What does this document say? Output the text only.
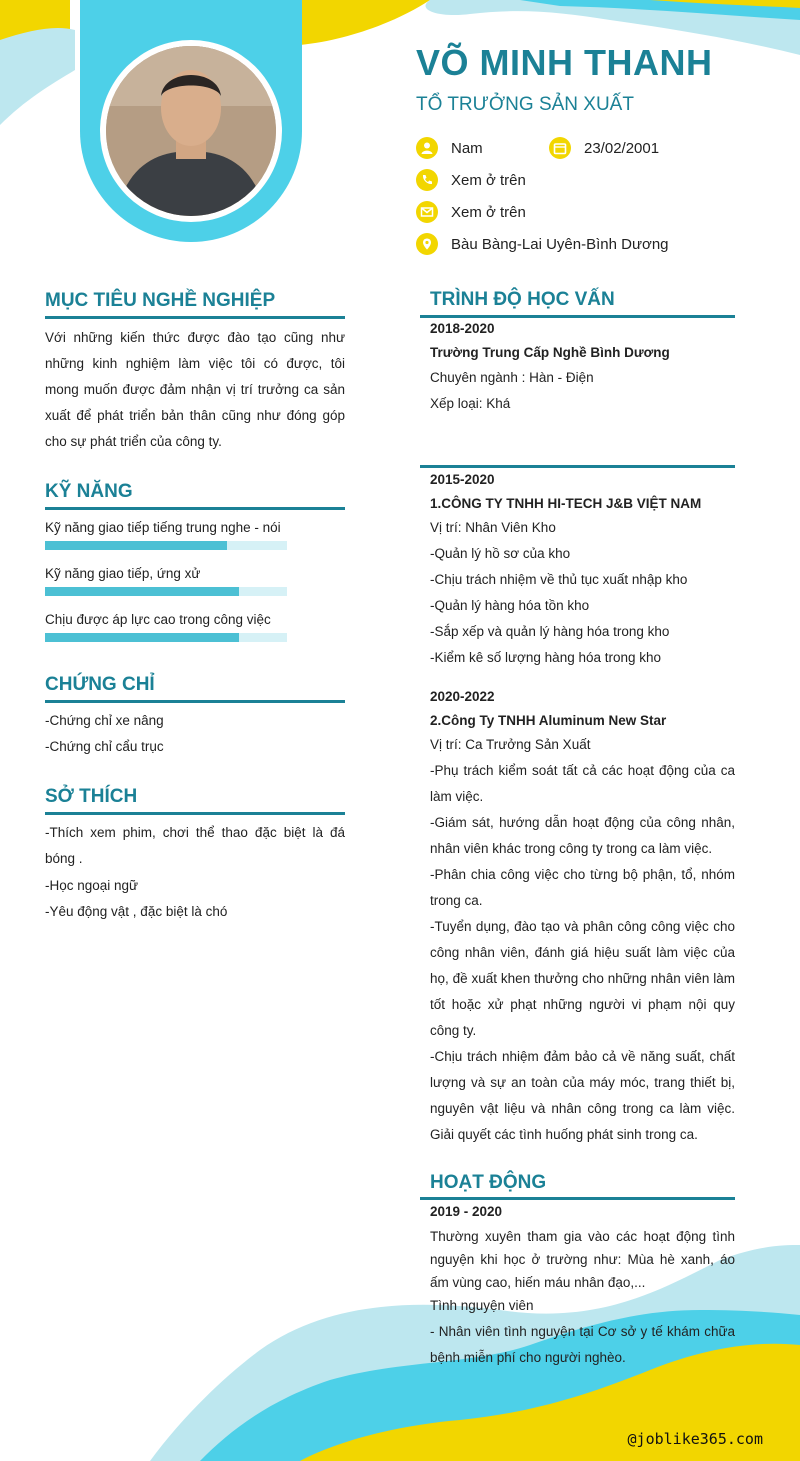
VÕ MINH THANH
TỔ TRƯỞNG SẢN XUẤT
Nam	23/02/2001
Xem ở trên
Xem ở trên
Bàu Bàng-Lai Uyên-Bình Dương
MỤC TIÊU NGHỀ NGHIỆP
Với những kiến thức được đào tạo cũng như những kinh nghiệm làm việc tôi có được, tôi mong muốn được đảm nhận vị trí trưởng ca sản xuất để phát triển bản thân cũng như đóng góp cho sự phát triển của công ty.
KỸ NĂNG
Kỹ năng giao tiếp tiếng trung nghe - nói
Kỹ năng giao tiếp, ứng xử
Chịu được áp lực cao trong công việc
CHỨNG CHỈ
-Chứng chỉ xe nâng
-Chứng chỉ cẩu trục
SỞ THÍCH
-Thích xem phim, chơi thể thao đặc biệt là đá bóng .
-Học ngoại ngữ
-Yêu động vật , đặc biệt là chó
TRÌNH ĐỘ HỌC VẤN
2018-2020
Trường Trung Cấp Nghề Bình Dương
Chuyên ngành : Hàn - Điện
Xếp loại: Khá
2015-2020
1.CÔNG TY TNHH HI-TECH J&B VIỆT NAM
Vị trí: Nhân Viên Kho
-Quản lý hồ sơ của kho
-Chịu trách nhiệm về thủ tục xuất nhập kho
-Quản lý hàng hóa tồn kho
-Sắp xếp và quản lý hàng hóa trong kho
-Kiểm kê số lượng hàng hóa trong kho
2020-2022
2.Công Ty TNHH Aluminum New Star
Vị trí: Ca Trưởng Sản Xuất
-Phụ trách kiểm soát tất cả các hoạt động của ca làm việc.
-Giám sát, hướng dẫn hoạt động của công nhân, nhân viên khác trong công ty trong ca làm việc.
-Phân chia công việc cho từng bộ phận, tổ, nhóm trong ca.
-Tuyển dụng, đào tạo và phân công công việc cho công nhân viên, đánh giá hiệu suất làm việc của họ, đề xuất khen thưởng cho những nhân viên làm tốt hoặc xử phạt những người vi phạm nội quy công ty.
-Chịu trách nhiệm đảm bảo cả về năng suất, chất lượng và sự an toàn của máy móc, trang thiết bị, nguyên vật liệu và nhân công trong ca làm việc. Giải quyết các tình huống phát sinh trong ca.
HOẠT ĐỘNG
2019 - 2020
Thường xuyên tham gia vào các hoạt động tình nguyện khi học ở trường như: Mùa hè xanh, áo ấm vùng cao, hiến máu nhân đạo,...
Tình nguyện viên
- Nhân viên tình nguyện tại Cơ sở y tế khám chữa bệnh miễn phí cho người nghèo.
@joblike365.com
